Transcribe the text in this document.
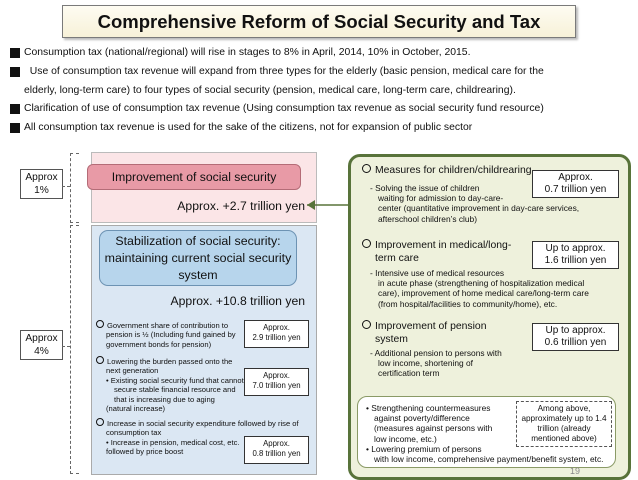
Comprehensive Reform of Social Security and Tax
Consumption tax (national/regional) will rise in stages to 8% in April, 2014, 10% in October, 2015.
Use of consumption tax revenue will expand from three types for the elderly (basic pension, medical care for the
elderly, long-term care) to four types of social security (pension, medical care, long-term care, childrearing).
Clarification of use of consumption tax revenue (Using consumption tax revenue as social security fund resource)
All consumption tax revenue is used for the sake of the citizens, not for expansion of public sector
Approx
1%
Approx
4%
Improvement of social security
Approx. +2.7 trillion yen
Stabilization of social security:
maintaining current social security
system
Approx. +10.8 trillion yen
Government share of contribution to
pension is ½ (Including fund gained by
government bonds for pension)
Approx.
2.9 trillion yen
Lowering the burden passed onto the
next generation
• Existing social security fund that cannot
secure stable financial resource and
that is increasing due to aging
(natural increase)
Approx.
7.0 trillion yen
Increase in social security expenditure followed by rise of
consumption tax
• Increase in pension, medical cost, etc.
followed by price boost
Approx.
0.8 trillion yen
Measures for children/childrearing
- Solving the issue of children
waiting for admission to day-care-
center (quantitative improvement in day-care services,
afterschool children’s club)
Approx.
0.7 trillion yen
Improvement in medical/long-
term care
- Intensive use of medical resources
in acute phase (strengthening of hospitalization medical
care), improvement of home medical care/long-term care
(from hospital/facilities to community/home), etc.
Up to approx.
1.6 trillion yen
Improvement of pension
system
- Additional pension to persons with
low income, shortening of
certification term
Up to approx.
0.6 trillion yen
• Strengthening countermeasures
against poverty/difference
(measures against persons with
low income, etc.)
• Lowering premium of persons
with low income, comprehensive payment/benefit system, etc.
Among above,
approximately up to 1.4
trillion (already
mentioned above)
19
